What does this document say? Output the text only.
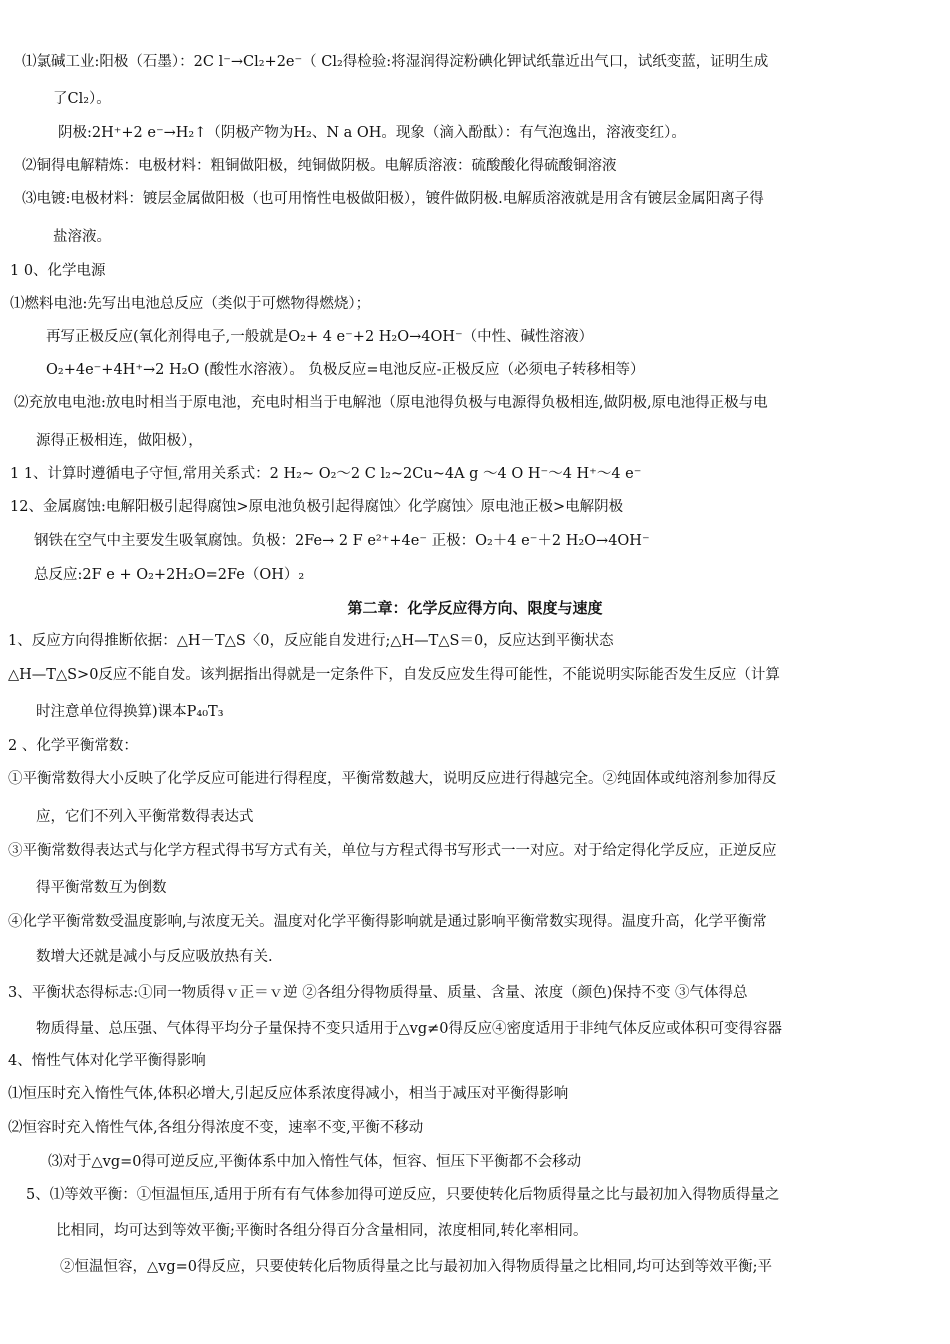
⑴氯碱工业:阳极（石墨）：2C l⁻→Cl₂+2e⁻（ Cl₂得检验:将湿润得淀粉碘化钾试纸靠近出气口，试纸变蓝，证明生成
了Cl₂）。
阴极:2H⁺+2 e⁻→H₂↑（阴极产物为H₂、N a OH。现象（滴入酚酞）：有气泡逸出，溶液变红）。
⑵铜得电解精炼：电极材料：粗铜做阳极，纯铜做阴极。电解质溶液：硫酸酸化得硫酸铜溶液
⑶电镀:电极材料：镀层金属做阳极（也可用惰性电极做阳极），镀件做阴极.电解质溶液就是用含有镀层金属阳离子得
盐溶液。
1 0、化学电源
⑴燃料电池:先写出电池总反应（类似于可燃物得燃烧）；
再写正极反应(氧化剂得电子,一般就是O₂+ 4 e⁻+2 H₂O→4OH⁻（中性、碱性溶液）
O₂+4e⁻+4H⁺→2 H₂O (酸性水溶液）。 负极反应=电池反应-正极反应（必须电子转移相等）
⑵充放电电池:放电时相当于原电池，充电时相当于电解池（原电池得负极与电源得负极相连,做阴极,原电池得正极与电
源得正极相连，做阳极），
1 1、计算时遵循电子守恒,常用关系式：2 H₂~ O₂～2 C l₂~2Cu~4A g ～4 O H⁻～4 H⁺～4 e⁻
12、金属腐蚀:电解阳极引起得腐蚀>原电池负极引起得腐蚀〉化学腐蚀〉原电池正极>电解阴极
钢铁在空气中主要发生吸氧腐蚀。负极：2Fe→ 2 F e²⁺+4e⁻ 正极：O₂＋4 e⁻＋2 H₂O→4OH⁻
总反应:2F e + O₂+2H₂O=2Fe（OH）₂
第二章：化学反应得方向、限度与速度
1、反应方向得推断依据：△H－T△S〈0，反应能自发进行;△H—T△S＝0，反应达到平衡状态
△H—T△S>0反应不能自发。该判据指出得就是一定条件下，自发反应发生得可能性，不能说明实际能否发生反应（计算
时注意单位得换算)课本P₄₀T₃
2 、化学平衡常数：
①平衡常数得大小反映了化学反应可能进行得程度，平衡常数越大，说明反应进行得越完全。②纯固体或纯溶剂参加得反
应，它们不列入平衡常数得表达式
③平衡常数得表达式与化学方程式得书写方式有关，单位与方程式得书写形式一一对应。对于给定得化学反应，正逆反应
得平衡常数互为倒数
④化学平衡常数受温度影响,与浓度无关。温度对化学平衡得影响就是通过影响平衡常数实现得。温度升高，化学平衡常
数增大还就是减小与反应吸放热有关.
3、平衡状态得标志:①同一物质得ｖ正＝ｖ逆 ②各组分得物质得量、质量、含量、浓度（颜色)保持不变 ③气体得总
物质得量、总压强、气体得平均分子量保持不变只适用于△vg≠0得反应④密度适用于非纯气体反应或体积可变得容器
4、惰性气体对化学平衡得影响
⑴恒压时充入惰性气体,体积必增大,引起反应体系浓度得减小，相当于减压对平衡得影响
⑵恒容时充入惰性气体,各组分得浓度不变，速率不变,平衡不移动
⑶对于△vg=0得可逆反应,平衡体系中加入惰性气体，恒容、恒压下平衡都不会移动
5、⑴等效平衡：①恒温恒压,适用于所有有气体参加得可逆反应，只要使转化后物质得量之比与最初加入得物质得量之
比相同，均可达到等效平衡;平衡时各组分得百分含量相同，浓度相同,转化率相同。
②恒温恒容，△vg=0得反应，只要使转化后物质得量之比与最初加入得物质得量之比相同,均可达到等效平衡;平
